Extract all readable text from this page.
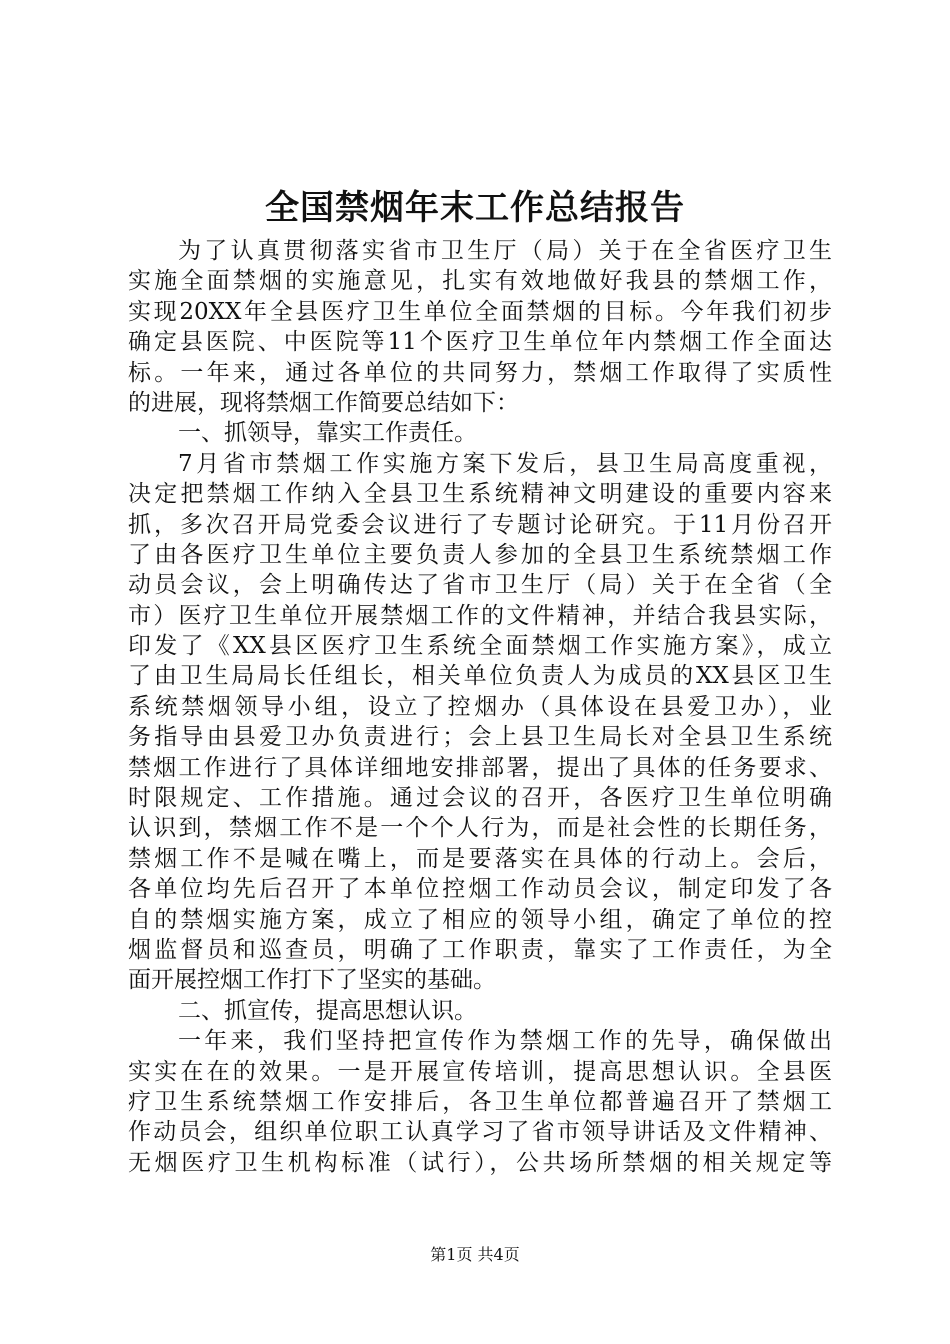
全国禁烟年末工作总结报告
为了认真贯彻落实省市卫生厅（局）关于在全省医疗卫生
实施全面禁烟的实施意见，扎实有效地做好我县的禁烟工作，
实现20XX年全县医疗卫生单位全面禁烟的目标。今年我们初步
确定县医院、中医院等11个医疗卫生单位年内禁烟工作全面达
标。一年来，通过各单位的共同努力，禁烟工作取得了实质性
的进展，现将禁烟工作简要总结如下：
一、抓领导，靠实工作责任。
7月省市禁烟工作实施方案下发后，县卫生局高度重视，
决定把禁烟工作纳入全县卫生系统精神文明建设的重要内容来
抓，多次召开局党委会议进行了专题讨论研究。于11月份召开
了由各医疗卫生单位主要负责人参加的全县卫生系统禁烟工作
动员会议，会上明确传达了省市卫生厅（局）关于在全省（全
市）医疗卫生单位开展禁烟工作的文件精神，并结合我县实际，
印发了《XX县区医疗卫生系统全面禁烟工作实施方案》，成立
了由卫生局局长任组长，相关单位负责人为成员的XX县区卫生
系统禁烟领导小组，设立了控烟办（具体设在县爱卫办），业
务指导由县爱卫办负责进行；会上县卫生局长对全县卫生系统
禁烟工作进行了具体详细地安排部署，提出了具体的任务要求、
时限规定、工作措施。通过会议的召开，各医疗卫生单位明确
认识到，禁烟工作不是一个个人行为，而是社会性的长期任务，
禁烟工作不是喊在嘴上，而是要落实在具体的行动上。会后，
各单位均先后召开了本单位控烟工作动员会议，制定印发了各
自的禁烟实施方案，成立了相应的领导小组，确定了单位的控
烟监督员和巡查员，明确了工作职责，靠实了工作责任，为全
面开展控烟工作打下了坚实的基础。
二、抓宣传，提高思想认识。
一年来，我们坚持把宣传作为禁烟工作的先导，确保做出
实实在在的效果。一是开展宣传培训，提高思想认识。全县医
疗卫生系统禁烟工作安排后，各卫生单位都普遍召开了禁烟工
作动员会，组织单位职工认真学习了省市领导讲话及文件精神、
无烟医疗卫生机构标准（试行），公共场所禁烟的相关规定等
第1页 共4页
